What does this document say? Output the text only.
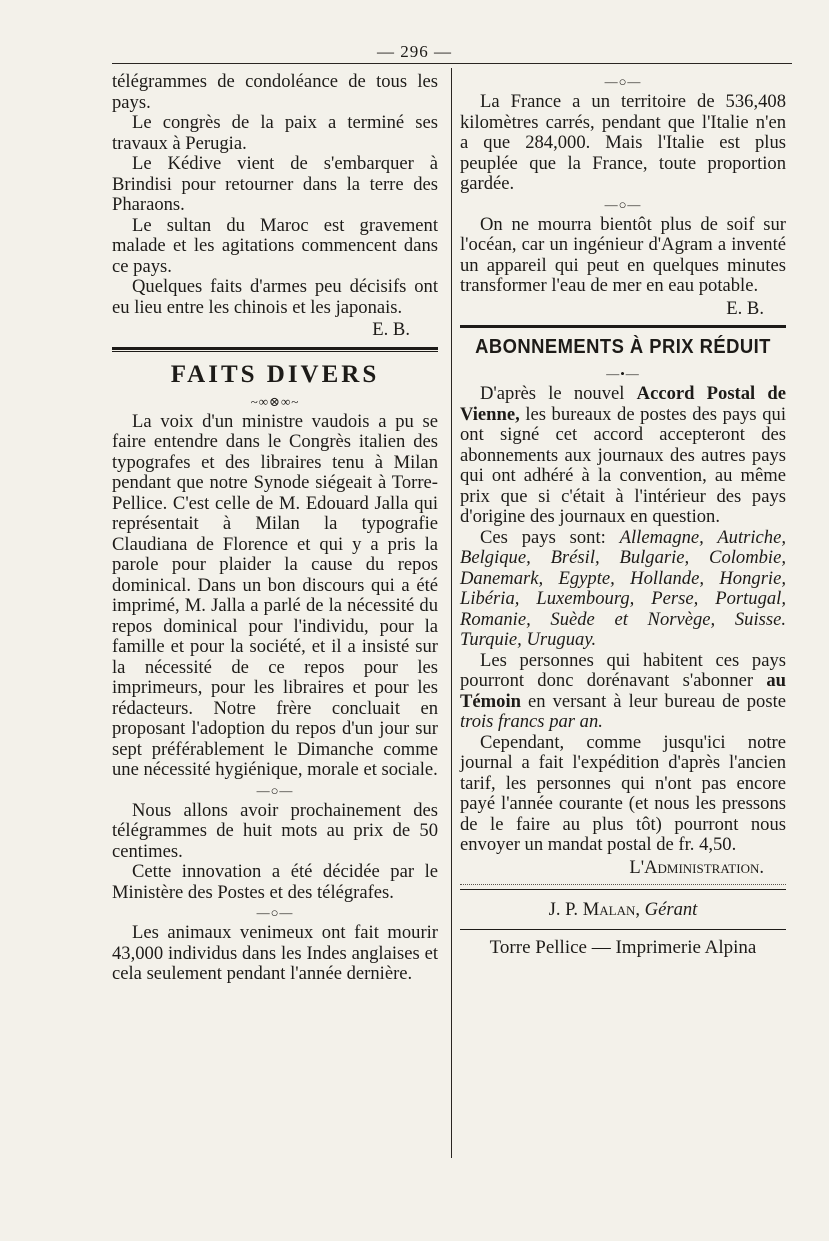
— 296 —

télégrammes de condoléance de tous les pays.

Le congrès de la paix a terminé ses travaux à Perugia.

Le Kédive vient de s'embarquer à Brindisi pour retourner dans la terre des Pharaons.

Le sultan du Maroc est gravement malade et les agitations commencent dans ce pays.

Quelques faits d'armes peu décisifs ont eu lieu entre les chinois et les japonais.

E. B.

FAITS DIVERS
~∞⊗∞~

La voix d'un ministre vaudois a pu se faire entendre dans le Congrès italien des typografes et des libraires tenu à Milan pendant que notre Synode siégeait à Torre-Pellice. C'est celle de M. Edouard Jalla qui représentait à Milan la typografie Claudiana de Florence et qui y a pris la parole pour plaider la cause du repos dominical. Dans un bon discours qui a été imprimé, M. Jalla a parlé de la nécessité du repos dominical pour l'individu, pour la famille et pour la société, et il a insisté sur la nécessité de ce repos pour les imprimeurs, pour les libraires et pour les rédacteurs. Notre frère concluait en proposant l'adoption du repos d'un jour sur sept préférablement le Dimanche comme une nécessité hygiénique, morale et sociale.

—○—

Nous allons avoir prochainement des télégrammes de huit mots au prix de 50 centimes.

Cette innovation a été décidée par le Ministère des Postes et des télégrafes.

—○—

Les animaux venimeux ont fait mourir 43,000 individus dans les Indes anglaises et cela seulement pendant l'année dernière.

—○—

La France a un territoire de 536,408 kilomètres carrés, pendant que l'Italie n'en a que 284,000. Mais l'Italie est plus peuplée que la France, toute proportion gardée.

—○—

On ne mourra bientôt plus de soif sur l'océan, car un ingénieur d'Agram a inventé un appareil qui peut en quelques minutes transformer l'eau de mer en eau potable.

E. B.

ABONNEMENTS À PRIX RÉDUIT
—•—

D'après le nouvel Accord Postal de Vienne, les bureaux de postes des pays qui ont signé cet accord accepteront des abonnements aux journaux des autres pays qui ont adhéré à la convention, au même prix que si c'était à l'intérieur des pays d'origine des journaux en question.

Ces pays sont: Allemagne, Autriche, Belgique, Brésil, Bulgarie, Colombie, Danemark, Egypte, Hollande, Hongrie, Libéria, Luxembourg, Perse, Portugal, Romanie, Suède et Norvège, Suisse. Turquie, Uruguay.

Les personnes qui habitent ces pays pourront donc dorénavant s'abonner au Témoin en versant à leur bureau de poste trois francs par an.

Cependant, comme jusqu'ici notre journal a fait l'expédition d'après l'ancien tarif, les personnes qui n'ont pas encore payé l'année courante (et nous les pressons de le faire au plus tôt) pourront nous envoyer un mandat postal de fr. 4,50.

L'Administration.

J. P. Malan, Gérant
Torre Pellice — Imprimerie Alpina
